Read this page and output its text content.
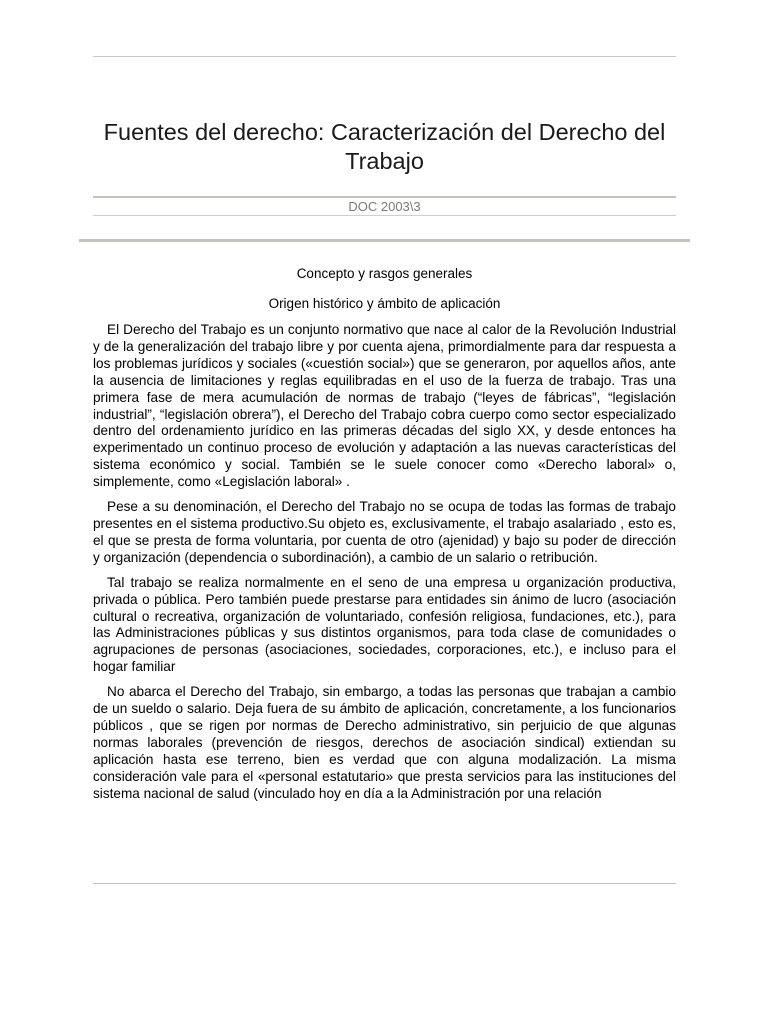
Fuentes del derecho: Caracterización del Derecho del Trabajo
DOC 2003\3
Concepto y rasgos generales
Origen histórico y ámbito de aplicación

El Derecho del Trabajo es un conjunto normativo que nace al calor de la Revolución Industrial y de la generalización del trabajo libre y por cuenta ajena, primordialmente para dar respuesta a los problemas jurídicos y sociales («cuestión social») que se generaron, por aquellos años, ante la ausencia de limitaciones y reglas equilibradas en el uso de la fuerza de trabajo. Tras una primera fase de mera acumulación de normas de trabajo (“leyes de fábricas”, “legislación industrial”, “legislación obrera”), el Derecho del Trabajo cobra cuerpo como sector especializado dentro del ordenamiento jurídico en las primeras décadas del siglo XX, y desde entonces ha experimentado un continuo proceso de evolución y adaptación a las nuevas características del sistema económico y social. También se le suele conocer como «Derecho laboral» o, simplemente, como «Legislación laboral» .

Pese a su denominación, el Derecho del Trabajo no se ocupa de todas las formas de trabajo presentes en el sistema productivo.Su objeto es, exclusivamente, el trabajo asalariado , esto es, el que se presta de forma voluntaria, por cuenta de otro (ajenidad) y bajo su poder de dirección y organización (dependencia o subordinación), a cambio de un salario o retribución.

Tal trabajo se realiza normalmente en el seno de una empresa u organización productiva, privada o pública. Pero también puede prestarse para entidades sin ánimo de lucro (asociación cultural o recreativa, organización de voluntariado, confesión religiosa, fundaciones, etc.), para las Administraciones públicas y sus distintos organismos, para toda clase de comunidades o agrupaciones de personas (asociaciones, sociedades, corporaciones, etc.), e incluso para el hogar familiar

No abarca el Derecho del Trabajo, sin embargo, a todas las personas que trabajan a cambio de un sueldo o salario. Deja fuera de su ámbito de aplicación, concretamente, a los funcionarios públicos , que se rigen por normas de Derecho administrativo, sin perjuicio de que algunas normas laborales (prevención de riesgos, derechos de asociación sindical) extiendan su aplicación hasta ese terreno, bien es verdad que con alguna modalización. La misma consideración vale para el «personal estatutario» que presta servicios para las instituciones del sistema nacional de salud (vinculado hoy en día a la Administración por una relación
